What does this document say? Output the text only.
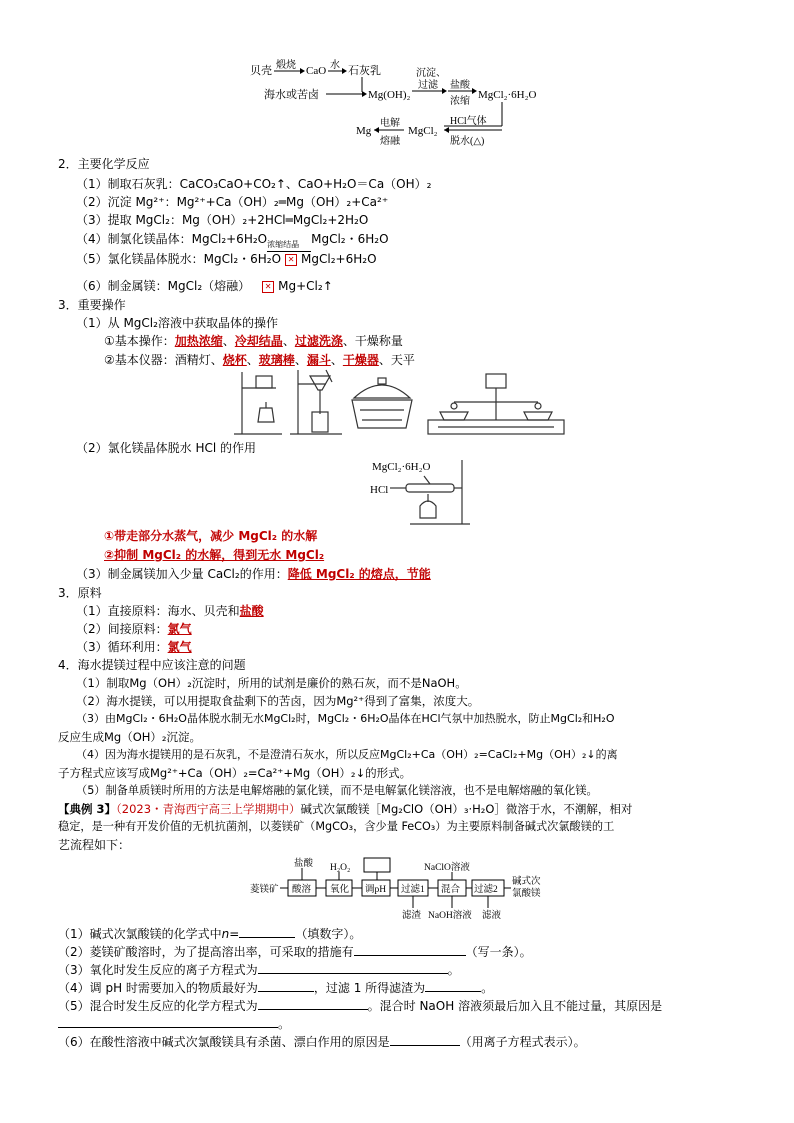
贝壳 煅烧 CaO 水 石灰乳
海水或苦卤	Mg(OH)₂
沉淀、
过滤 盐酸
浓缩
MgCl₂·6H₂O
Mg
电解
熔融
MgCl₂
HCl气体
脱水(△)
2．主要化学反应
（1）制取石灰乳：CaCO₃CaO+CO₂↑、CaO+H₂O＝Ca（OH）₂
（2）沉淀 Mg²⁺：Mg²⁺+Ca（OH）₂═Mg（OH）₂+Ca²⁺
（3）提取 MgCl₂：Mg（OH）₂+2HCl═MgCl₂+2H₂O
（4）制氯化镁晶体：MgCl₂+6H₂O 浓缩结晶 MgCl₂・6H₂O
（5）氯化镁晶体脱水：MgCl₂・6H₂O ✕ MgCl₂+6H₂O
（6）制金属镁：MgCl₂（熔融） ✕ Mg+Cl₂↑
3．重要操作
（1）从 MgCl₂溶液中获取晶体的操作
①基本操作：加热浓缩、冷却结晶、过滤洗涤、干燥称量
②基本仪器：酒精灯、烧杯、玻璃棒、漏斗、干燥器、天平
（2）氯化镁晶体脱水 HCl 的作用
MgCl₂·6H₂O
HCl
①带走部分水蒸气，减少 MgCl₂ 的水解
②抑制 MgCl₂ 的水解，得到无水 MgCl₂
（3）制金属镁加入少量 CaCl₂的作用：降低 MgCl₂ 的熔点，节能
3．原料
（1）直接原料：海水、贝壳和盐酸
（2）间接原料：氯气
（3）循环利用：氯气
4．海水提镁过程中应该注意的问题
（1）制取Mg（OH）₂沉淀时，所用的试剂是廉价的熟石灰，而不是NaOH。
（2）海水提镁，可以用提取食盐剩下的苦卤，因为Mg²⁺得到了富集，浓度大。
（3）由MgCl₂・6H₂O晶体脱水制无水MgCl₂时，MgCl₂・6H₂O晶体在HCl气氛中加热脱水，防止MgCl₂和H₂O
反应生成Mg（OH）₂沉淀。
（4）因为海水提镁用的是石灰乳，不是澄清石灰水，所以反应MgCl₂+Ca（OH）₂=CaCl₂+Mg（OH）₂↓的离
子方程式应该写成Mg²⁺+Ca（OH）₂=Ca²⁺+Mg（OH）₂↓的形式。
（5）制备单质镁时所用的方法是电解熔融的氯化镁，而不是电解氯化镁溶液，也不是电解熔融的氧化镁。
【典例 3】（2023・青海西宁高三上学期期中）碱式次氯酸镁［Mg₂ClO（OH）₃·H₂O］微溶于水，不潮解，相对
稳定，是一种有开发价值的无机抗菌剂，以菱镁矿（MgCO₃，含少量 FeCO₃）为主要原料制备碱式次氯酸镁的工
艺流程如下：
盐酸 H₂O₂	NaClO溶液
菱镁矿 酸溶 氧化 调pH 过滤1 混合 过滤2
碱式次
氯酸镁
滤渣 NaOH溶液 滤液
（1）碱式次氯酸镁的化学式中n=	（填数字）。
（2）菱镁矿酸溶时，为了提高溶出率，可采取的措施有	（写一条）。
（3）氧化时发生反应的离子方程式为	。
（4）调 pH 时需要加入的物质最好为	，过滤 1 所得滤渣为	。
（5）混合时发生反应的化学方程式为	。混合时 NaOH 溶液须最后加入且不能过量，其原因是
。
（6）在酸性溶液中碱式次氯酸镁具有杀菌、漂白作用的原因是	（用离子方程式表示）。
